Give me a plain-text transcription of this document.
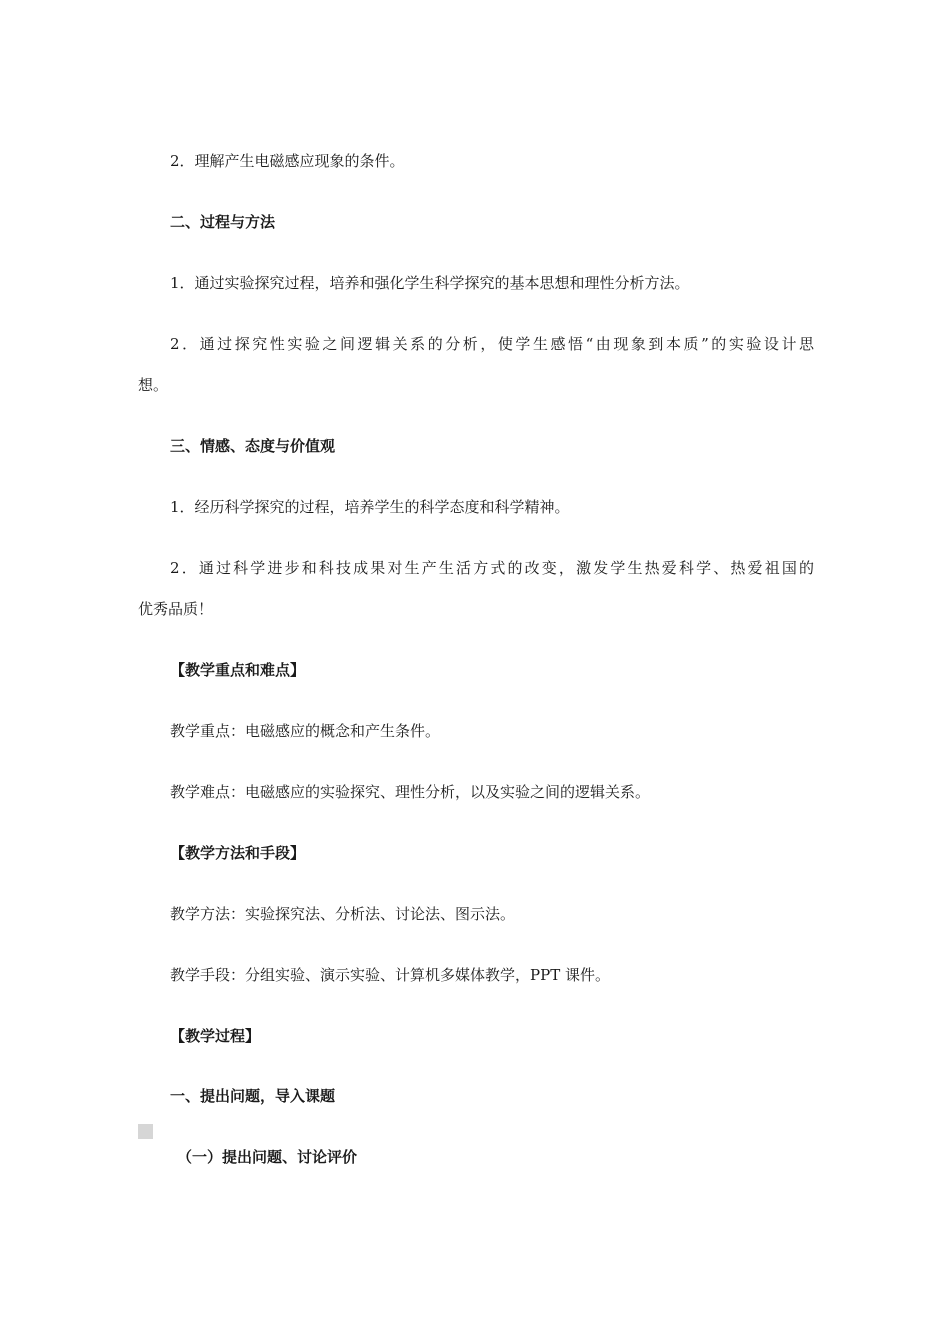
2．理解产生电磁感应现象的条件。
二、过程与方法
1．通过实验探究过程，培养和强化学生科学探究的基本思想和理性分析方法。
2．通过探究性实验之间逻辑关系的分析，使学生感悟“由现象到本质”的实验设计思
想。
三、情感、态度与价值观
1．经历科学探究的过程，培养学生的科学态度和科学精神。
2．通过科学进步和科技成果对生产生活方式的改变，激发学生热爱科学、热爱祖国的
优秀品质！
【教学重点和难点】
教学重点：电磁感应的概念和产生条件。
教学难点：电磁感应的实验探究、理性分析，以及实验之间的逻辑关系。
【教学方法和手段】
教学方法：实验探究法、分析法、讨论法、图示法。
教学手段：分组实验、演示实验、计算机多媒体教学，PPT 课件。
【教学过程】
一、提出问题，导入课题
（一）提出问题、讨论评价
